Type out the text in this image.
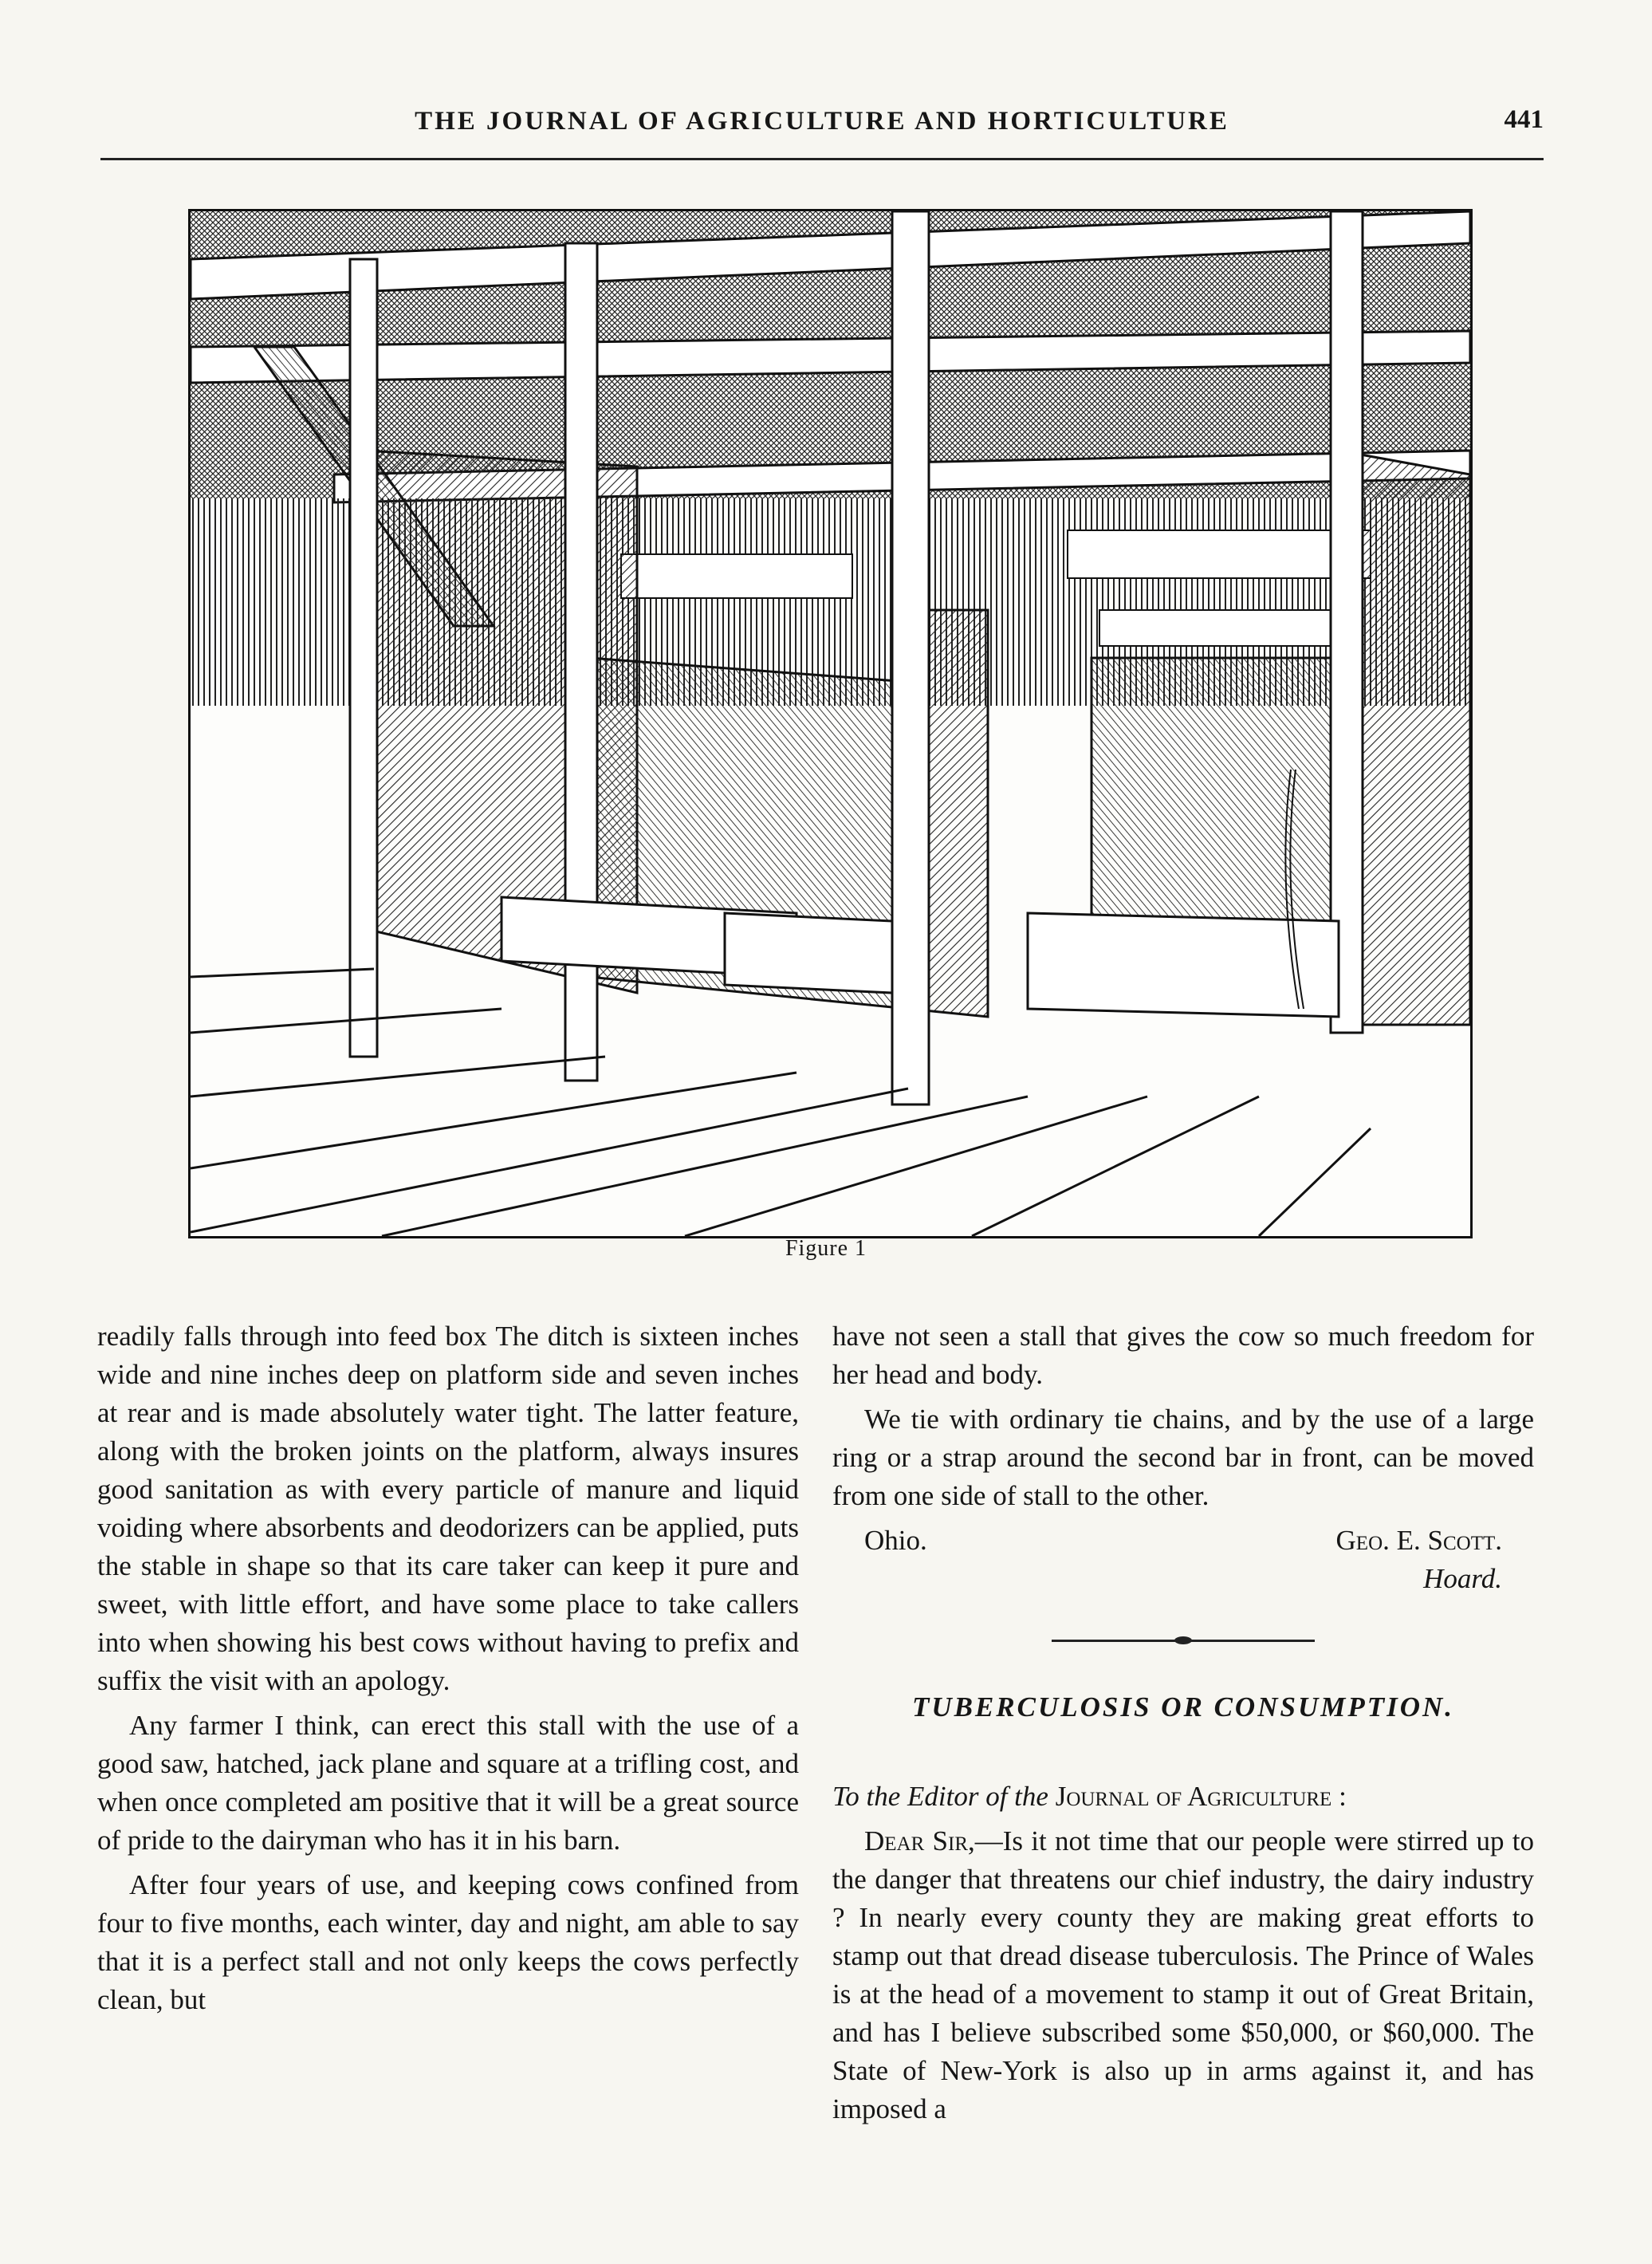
THE JOURNAL OF AGRICULTURE AND HORTICULTURE	441
Figure 1

readily falls through into feed box The ditch is sixteen inches wide and nine inches deep on platform side and seven inches at rear and is made absolutely water tight. The latter feature, along with the broken joints on the platform, always insures good sanitation as with every particle of manure and liquid voiding where absorbents and deodorizers can be applied, puts the stable in shape so that its care taker can keep it pure and sweet, with little effort, and have some place to take callers into when showing his best cows without having to prefix and suffix the visit with an apology.

Any farmer I think, can erect this stall with the use of a good saw, hatched, jack plane and square at a trifling cost, and when once completed am positive that it will be a great source of pride to the dairyman who has it in his barn.

After four years of use, and keeping cows confined from four to five months, each winter, day and night, am able to say that it is a perfect stall and not only keeps the cows perfectly clean, but

have not seen a stall that gives the cow so much freedom for her head and body.

We tie with ordinary tie chains, and by the use of a large ring or a strap around the second bar in front, can be moved from one side of stall to the other.

Ohio.	Geo. E. Scott.
Hoard.
TUBERCULOSIS OR CONSUMPTION.

To the Editor of the Journal of Agriculture :

Dear Sir,—Is it not time that our people were stirred up to the danger that threatens our chief industry, the dairy industry ? In nearly every county they are making great efforts to stamp out that dread disease tuberculosis. The Prince of Wales is at the head of a movement to stamp it out of Great Britain, and has I believe subscribed some $50,000, or $60,000. The State of New-York is also up in arms against it, and has imposed a
